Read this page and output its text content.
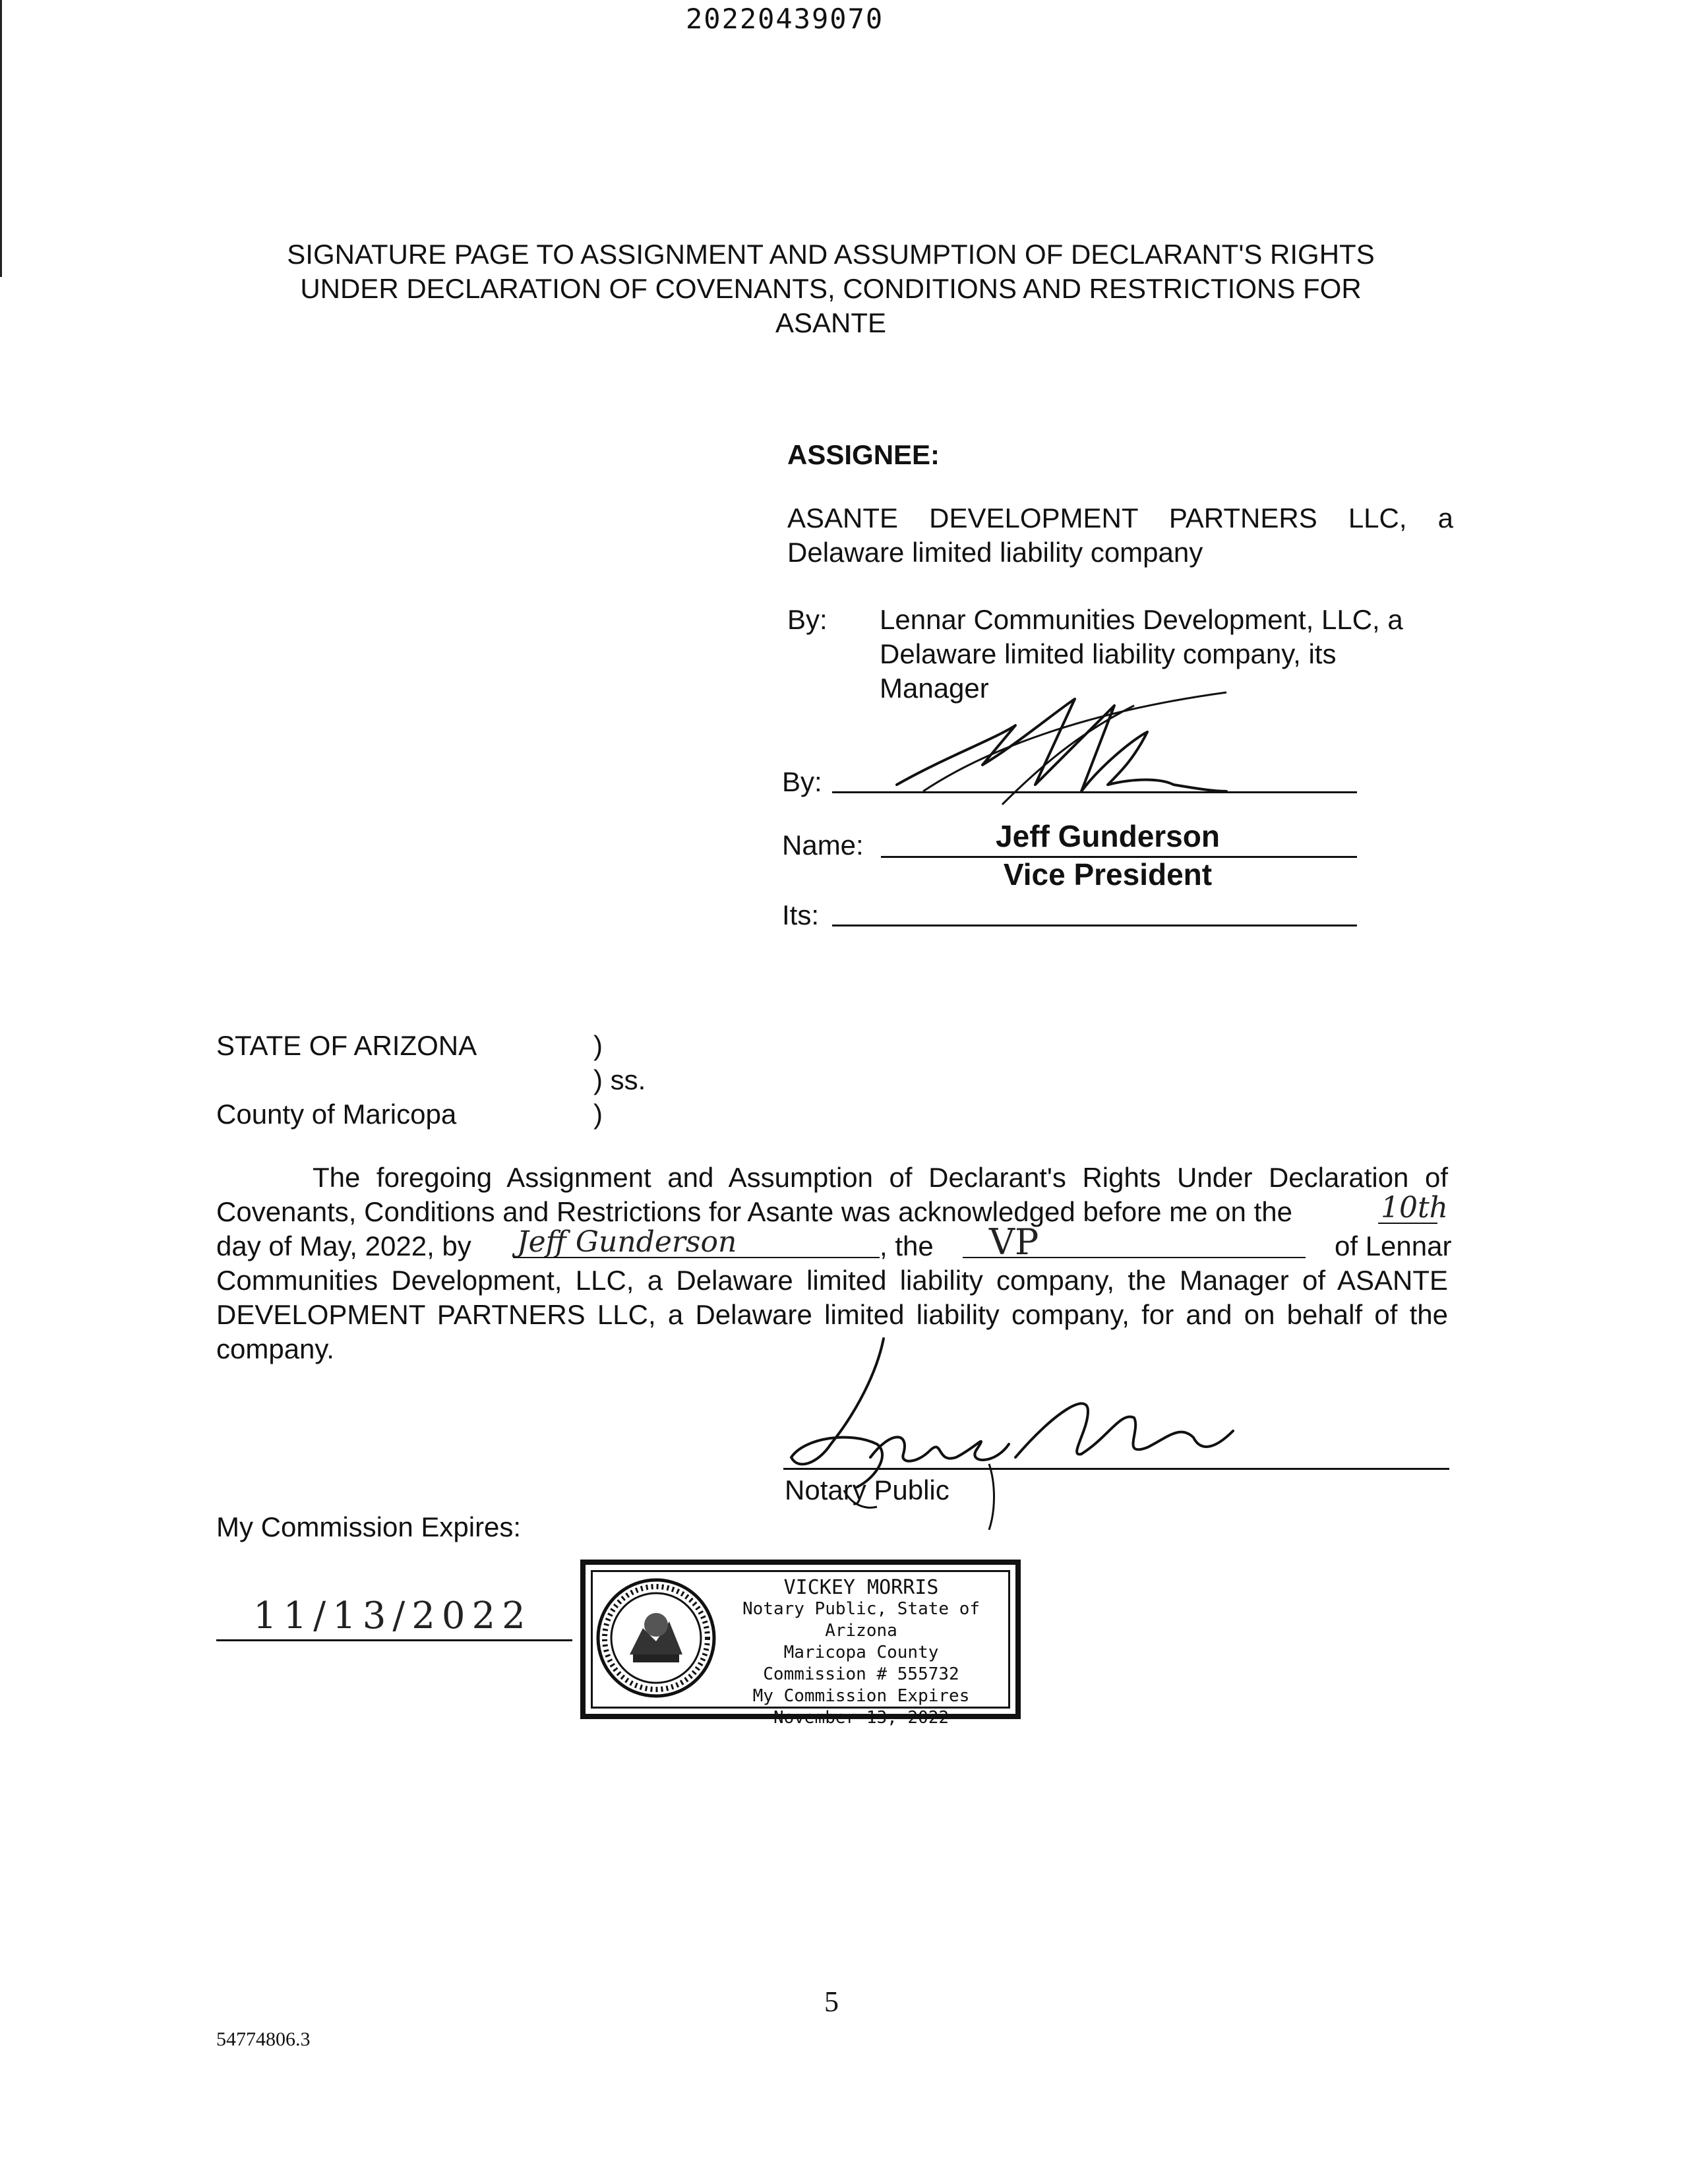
20220439070
SIGNATURE PAGE TO ASSIGNMENT AND ASSUMPTION OF DECLARANT'S RIGHTS
UNDER DECLARATION OF COVENANTS, CONDITIONS AND RESTRICTIONS FOR
ASANTE
ASSIGNEE:
ASANTE DEVELOPMENT PARTNERS LLC, a
Delaware limited liability company
By: Lennar Communities Development, LLC, a
Delaware limited liability company, its
Manager
By:
Name:	Jeff Gunderson
Vice President
Its:
STATE OF ARIZONA	)
) ss.
County of Maricopa	)
The foregoing Assignment and Assumption of Declarant's Rights Under Declaration of
Covenants, Conditions and Restrictions for Asante was acknowledged before me on the	10th
day of May, 2022, by Jeff Gunderson	, the VP	of Lennar
Communities Development, LLC, a Delaware limited liability company, the Manager of ASANTE
DEVELOPMENT PARTNERS LLC, a Delaware limited liability company, for and on behalf of the
company.
Notary Public
My Commission Expires:
11/13/2022
VICKEY MORRIS
Notary Public, State of Arizona
Maricopa County
Commission # 555732
My Commission Expires
November 13, 2022
5
54774806.3
